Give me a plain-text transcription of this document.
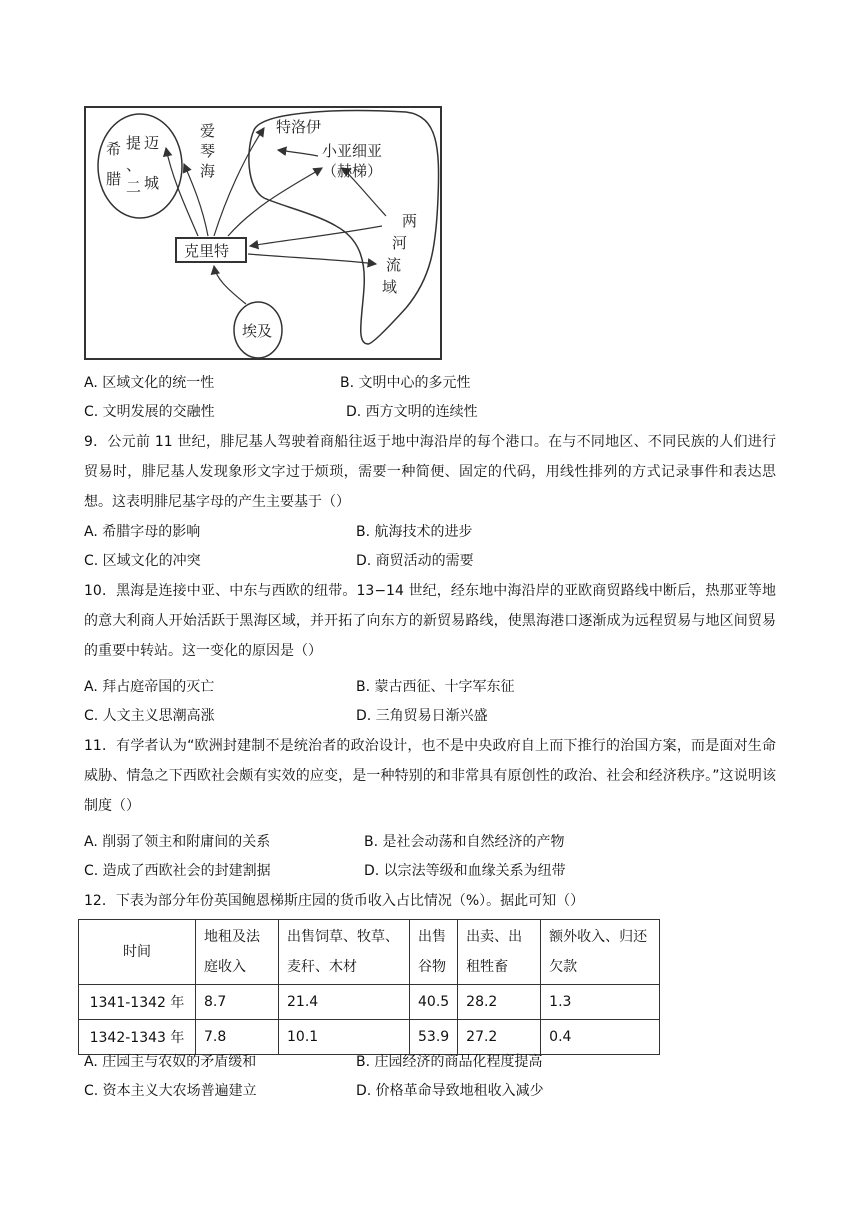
希
腊
提
、
二
迈
城
爱
琴
海
特洛伊
小亚细亚
（赫梯）
克里特
两
河
流
域
埃及
A. 区域文化的统一性	B. 文明中心的多元性
C. 文明发展的交融性	D. 西方文明的连续性
9．公元前 11 世纪，腓尼基人驾驶着商船往返于地中海沿岸的每个港口。在与不同地区、不同民族的人们进行贸易时，腓尼基人发现象形文字过于烦琐，需要一种简便、固定的代码，用线性排列的方式记录事件和表达思想。这表明腓尼基字母的产生主要基于（）
A. 希腊字母的影响	B. 航海技术的进步
C. 区域文化的冲突	D. 商贸活动的需要
10．黑海是连接中亚、中东与西欧的纽带。13−14 世纪，经东地中海沿岸的亚欧商贸路线中断后，热那亚等地的意大利商人开始活跃于黑海区域，并开拓了向东方的新贸易路线，使黑海港口逐渐成为远程贸易与地区间贸易的重要中转站。这一变化的原因是（）
A. 拜占庭帝国的灭亡	B. 蒙古西征、十字军东征
C. 人文主义思潮高涨	D. 三角贸易日渐兴盛
11．有学者认为“欧洲封建制不是统治者的政治设计，也不是中央政府自上而下推行的治国方案，而是面对生命威胁、情急之下西欧社会颇有实效的应变，是一种特别的和非常具有原创性的政治、社会和经济秩序。”这说明该制度（）
A. 削弱了领主和附庸间的关系	B. 是社会动荡和自然经济的产物
C. 造成了西欧社会的封建割据	D. 以宗法等级和血缘关系为纽带
12．下表为部分年份英国鲍恩梯斯庄园的货币收入占比情况（%）。据此可知（）
时间	地租及法庭收入	出售饲草、牧草、麦秆、木材	出售谷物	出卖、出租牲畜	额外收入、归还欠款
1341-1342 年	8.7	21.4	40.5	28.2	1.3
1342-1343 年	7.8	10.1	53.9	27.2	0.4
A. 庄园主与农奴的矛盾缓和	B. 庄园经济的商品化程度提高
C. 资本主义大农场普遍建立	D. 价格革命导致地租收入减少
